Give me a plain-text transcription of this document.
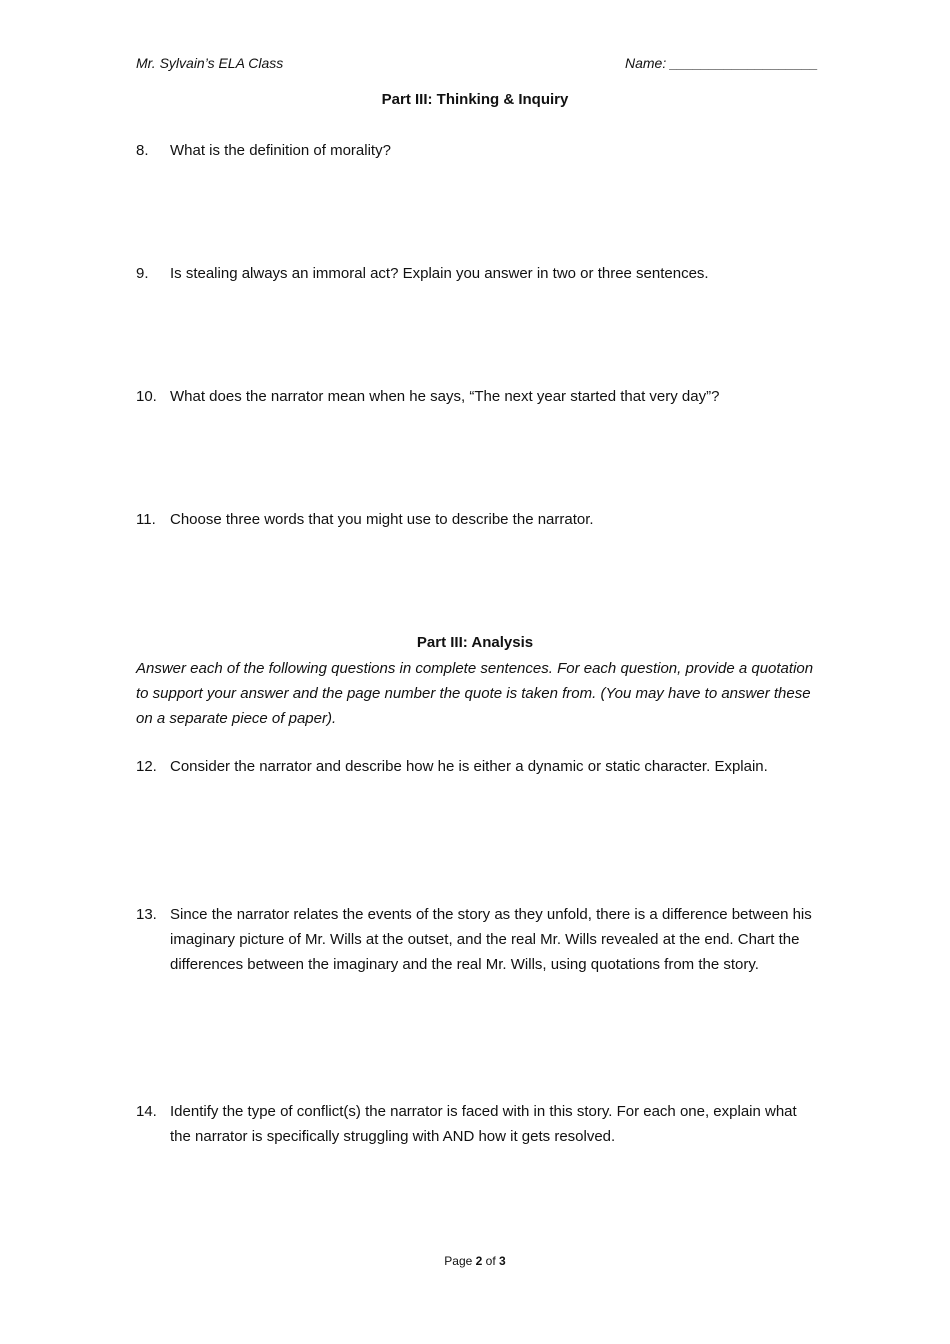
Mr. Sylvain’s ELA Class	Name: ___________________
Part III: Thinking & Inquiry
8. What is the definition of morality?
9. Is stealing always an immoral act? Explain you answer in two or three sentences.
10. What does the narrator mean when he says, “The next year started that very day”?
11. Choose three words that you might use to describe the narrator.
Part III: Analysis
Answer each of the following questions in complete sentences. For each question, provide a quotation to support your answer and the page number the quote is taken from. (You may have to answer these on a separate piece of paper).
12. Consider the narrator and describe how he is either a dynamic or static character. Explain.
13. Since the narrator relates the events of the story as they unfold, there is a difference between his imaginary picture of Mr. Wills at the outset, and the real Mr. Wills revealed at the end. Chart the differences between the imaginary and the real Mr. Wills, using quotations from the story.
14. Identify the type of conflict(s) the narrator is faced with in this story. For each one, explain what the narrator is specifically struggling with AND how it gets resolved.
Page 2 of 3
